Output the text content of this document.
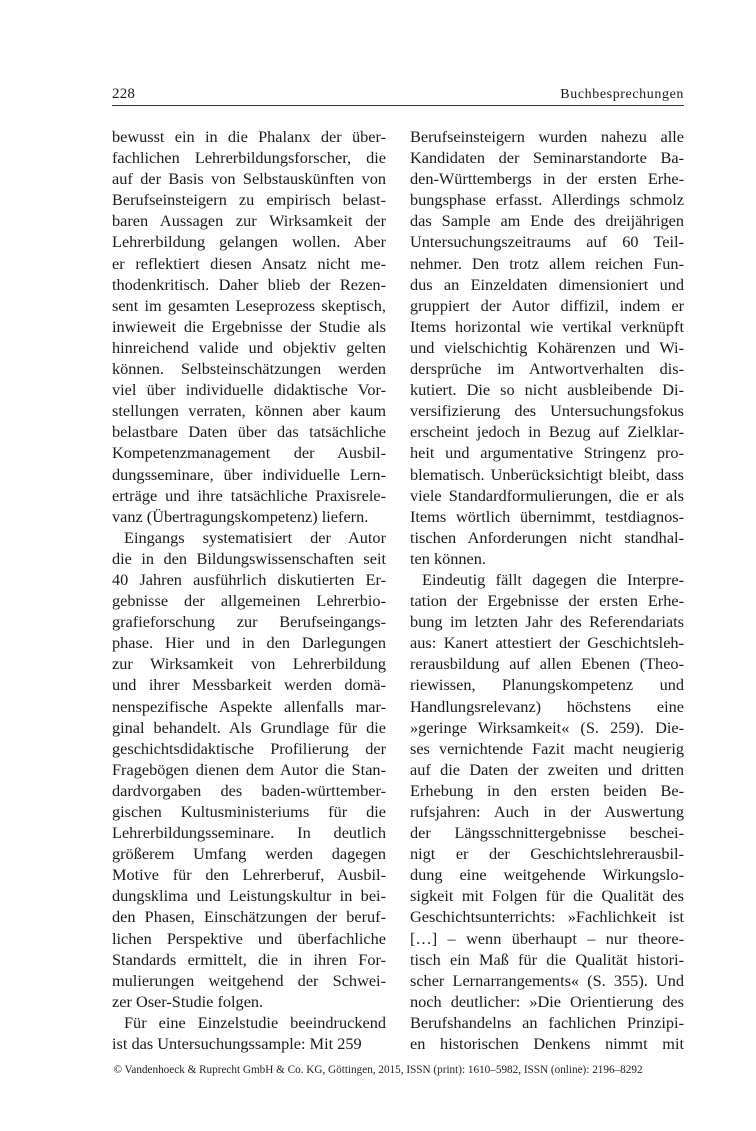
228	Buchbesprechungen
bewusst ein in die Phalanx der über-
fachlichen Lehrerbildungsforscher, die
auf der Basis von Selbstauskünften von
Berufseinsteigern zu empirisch belast-
baren Aussagen zur Wirksamkeit der
Lehrerbildung gelangen wollen. Aber
er reflektiert diesen Ansatz nicht me-
thodenkritisch. Daher blieb der Rezen-
sent im gesamten Leseprozess skeptisch,
inwieweit die Ergebnisse der Studie als
hinreichend valide und objektiv gelten
können. Selbsteinschätzungen werden
viel über individuelle didaktische Vor-
stellungen verraten, können aber kaum
belastbare Daten über das tatsächliche
Kompetenzmanagement der Ausbil-
dungsseminare, über individuelle Lern-
erträge und ihre tatsächliche Praxisrele-
vanz (Übertragungskompetenz) liefern.
Eingangs systematisiert der Autor
die in den Bildungswissenschaften seit
40 Jahren ausführlich diskutierten Er-
gebnisse der allgemeinen Lehrerbio-
grafieforschung zur Berufseingangs-
phase. Hier und in den Darlegungen
zur Wirksamkeit von Lehrerbildung
und ihrer Messbarkeit werden domä-
nenspezifische Aspekte allenfalls mar-
ginal behandelt. Als Grundlage für die
geschichtsdidaktische Profilierung der
Fragebögen dienen dem Autor die Stan-
dardvorgaben des baden-württember-
gischen Kultusministeriums für die
Lehrerbildungsseminare. In deutlich
größerem Umfang werden dagegen
Motive für den Lehrerberuf, Ausbil-
dungsklima und Leistungskultur in bei-
den Phasen, Einschätzungen der beruf-
lichen Perspektive und überfachliche
Standards ermittelt, die in ihren For-
mulierungen weitgehend der Schwei-
zer Oser-Studie folgen.
Für eine Einzelstudie beeindruckend
ist das Untersuchungssample: Mit 259
Berufseinsteigern wurden nahezu alle
Kandidaten der Seminarstandorte Ba-
den-Württembergs in der ersten Erhe-
bungsphase erfasst. Allerdings schmolz
das Sample am Ende des dreijährigen
Untersuchungszeitraums auf 60 Teil-
nehmer. Den trotz allem reichen Fun-
dus an Einzeldaten dimensioniert und
gruppiert der Autor diffizil, indem er
Items horizontal wie vertikal verknüpft
und vielschichtig Kohärenzen und Wi-
dersprüche im Antwortverhalten dis-
kutiert. Die so nicht ausbleibende Di-
versifizierung des Untersuchungsfokus
erscheint jedoch in Bezug auf Zielklar-
heit und argumentative Stringenz pro-
blematisch. Unberücksichtigt bleibt, dass
viele Standardformulierungen, die er als
Items wörtlich übernimmt, testdiagnos-
tischen Anforderungen nicht standhal-
ten können.
Eindeutig fällt dagegen die Interpre-
tation der Ergebnisse der ersten Erhe-
bung im letzten Jahr des Referendariats
aus: Kanert attestiert der Geschichtsleh-
rerausbildung auf allen Ebenen (Theo-
riewissen, Planungskompetenz und
Handlungsrelevanz) höchstens eine
»geringe Wirksamkeit« (S. 259). Die-
ses vernichtende Fazit macht neugierig
auf die Daten der zweiten und dritten
Erhebung in den ersten beiden Be-
rufsjahren: Auch in der Auswertung
der Längsschnittergebnisse beschei-
nigt er der Geschichtslehrerausbil-
dung eine weitgehende Wirkungslo-
sigkeit mit Folgen für die Qualität des
Geschichtsunterrichts: »Fachlichkeit ist
[…] – wenn überhaupt – nur theore-
tisch ein Maß für die Qualität histori-
scher Lernarrangements« (S. 355). Und
noch deutlicher: »Die Orientierung des
Berufshandelns an fachlichen Prinzipi-
en historischen Denkens nimmt mit
© Vandenhoeck & Ruprecht GmbH & Co. KG, Göttingen, 2015, ISSN (print): 1610–5982, ISSN (online): 2196–8292
